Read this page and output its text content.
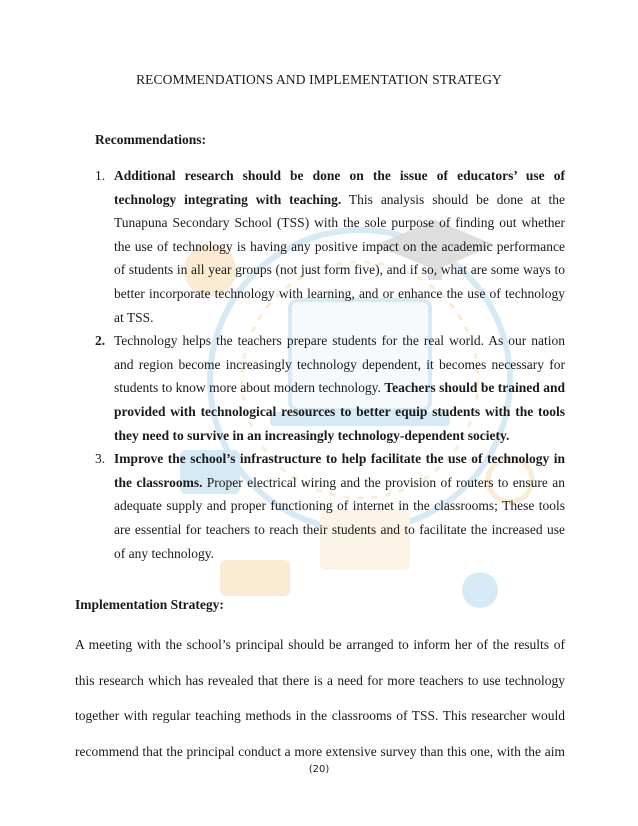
RECOMMENDATIONS AND IMPLEMENTATION STRATEGY
Recommendations:
1. Additional research should be done on the issue of educators’ use of technology integrating with teaching. This analysis should be done at the Tunapuna Secondary School (TSS) with the sole purpose of finding out whether the use of technology is having any positive impact on the academic performance of students in all year groups (not just form five), and if so, what are some ways to better incorporate technology with learning, and or enhance the use of technology at TSS.
2. Technology helps the teachers prepare students for the real world. As our nation and region become increasingly technology dependent, it becomes necessary for students to know more about modern technology. Teachers should be trained and provided with technological resources to better equip students with the tools they need to survive in an increasingly technology-dependent society.
3. Improve the school’s infrastructure to help facilitate the use of technology in the classrooms. Proper electrical wiring and the provision of routers to ensure an adequate supply and proper functioning of internet in the classrooms; These tools are essential for teachers to reach their students and to facilitate the increased use of any technology.
Implementation Strategy:

A meeting with the school’s principal should be arranged to inform her of the results of
this research which has revealed that there is a need for more teachers to use technology
together with regular teaching methods in the classrooms of TSS. This researcher would
recommend that the principal conduct a more extensive survey than this one, with the aim

(20)
